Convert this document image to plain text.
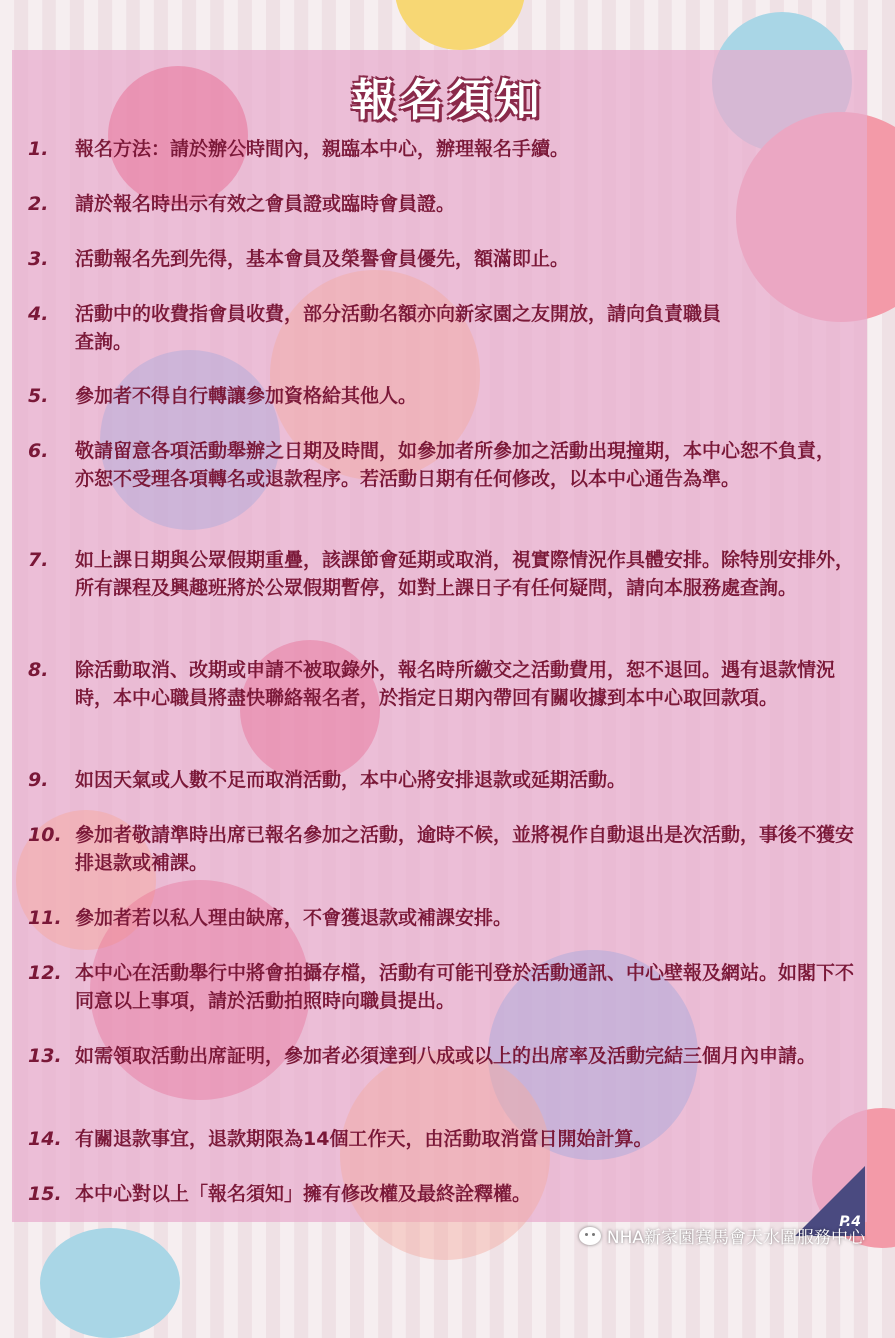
報名須知
1. 報名方法：請於辦公時間內，親臨本中心，辦理報名手續。
2. 請於報名時出示有效之會員證或臨時會員證。
3. 活動報名先到先得，基本會員及榮譽會員優先，額滿即止。
4. 活動中的收費指會員收費，部分活動名額亦向新家園之友開放，請向負責職員查詢。
5. 參加者不得自行轉讓參加資格給其他人。
6. 敬請留意各項活動舉辦之日期及時間，如參加者所參加之活動出現撞期，本中心恕不負責，亦恕不受理各項轉名或退款程序。若活動日期有任何修改，以本中心通告為準。
7. 如上課日期與公眾假期重疊，該課節會延期或取消，視實際情況作具體安排。除特別安排外，所有課程及興趣班將於公眾假期暫停，如對上課日子有任何疑問，請向本服務處查詢。
8. 除活動取消、改期或申請不被取錄外，報名時所繳交之活動費用，恕不退回。遇有退款情況時，本中心職員將盡快聯絡報名者，於指定日期內帶回有關收據到本中心取回款項。
9. 如因天氣或人數不足而取消活動，本中心將安排退款或延期活動。
10. 參加者敬請準時出席已報名參加之活動，逾時不候，並將視作自動退出是次活動，事後不獲安排退款或補課。
11. 參加者若以私人理由缺席，不會獲退款或補課安排。
12. 本中心在活動舉行中將會拍攝存檔，活動有可能刊登於活動通訊、中心壁報及網站。如閣下不同意以上事項，請於活動拍照時向職員提出。
13. 如需領取活動出席証明，參加者必須達到八成或以上的出席率及活動完結三個月內申請。
14. 有關退款事宜，退款期限為14個工作天，由活動取消當日開始計算。
15. 本中心對以上「報名須知」擁有修改權及最終詮釋權。
P.4
NHA新家園賽馬會天水圍服務中心
